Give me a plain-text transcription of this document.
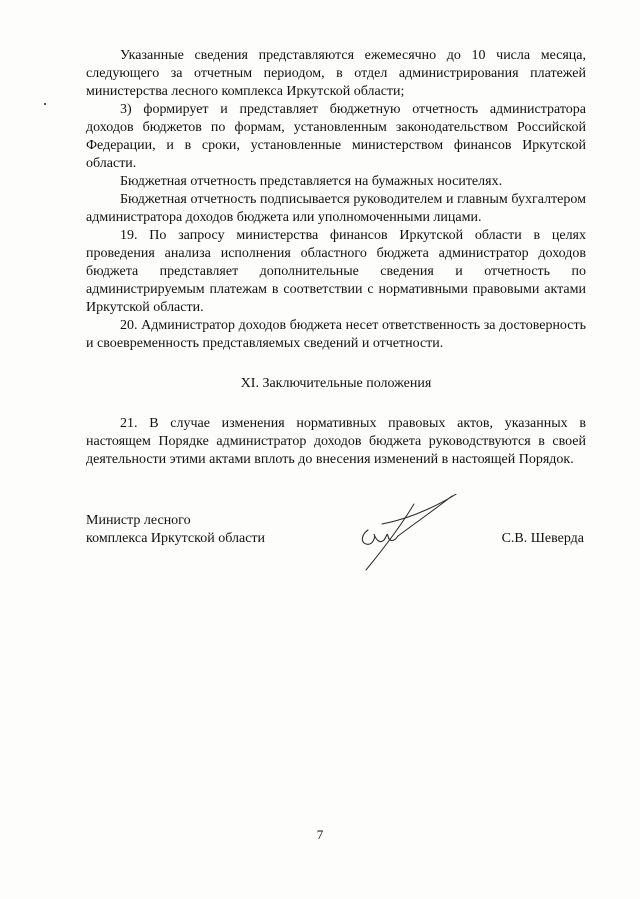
Указанные сведения представляются ежемесячно до 10 числа месяца, следующего за отчетным периодом, в отдел администрирования платежей министерства лесного комплекса Иркутской области;

3) формирует и представляет бюджетную отчетность администратора доходов бюджетов по формам, установленным законодательством Российской Федерации, и в сроки, установленные министерством финансов Иркутской области.

Бюджетная отчетность представляется на бумажных носителях.

Бюджетная отчетность подписывается руководителем и главным бухгалтером администратора доходов бюджета или уполномоченными лицами.

19. По запросу министерства финансов Иркутской области в целях проведения анализа исполнения областного бюджета администратор доходов бюджета представляет дополнительные сведения и отчетность по администрируемым платежам в соответствии с нормативными правовыми актами Иркутской области.

20. Администратор доходов бюджета несет ответственность за достоверность и своевременность представляемых сведений и отчетности.

XI. Заключительные положения

21. В случае изменения нормативных правовых актов, указанных в настоящем Порядке администратор доходов бюджета руководствуются в своей деятельности этими актами вплоть до внесения изменений в настоящей Порядок.

Министр лесного
комплекса Иркутской области	С.В. Шеверда
7
